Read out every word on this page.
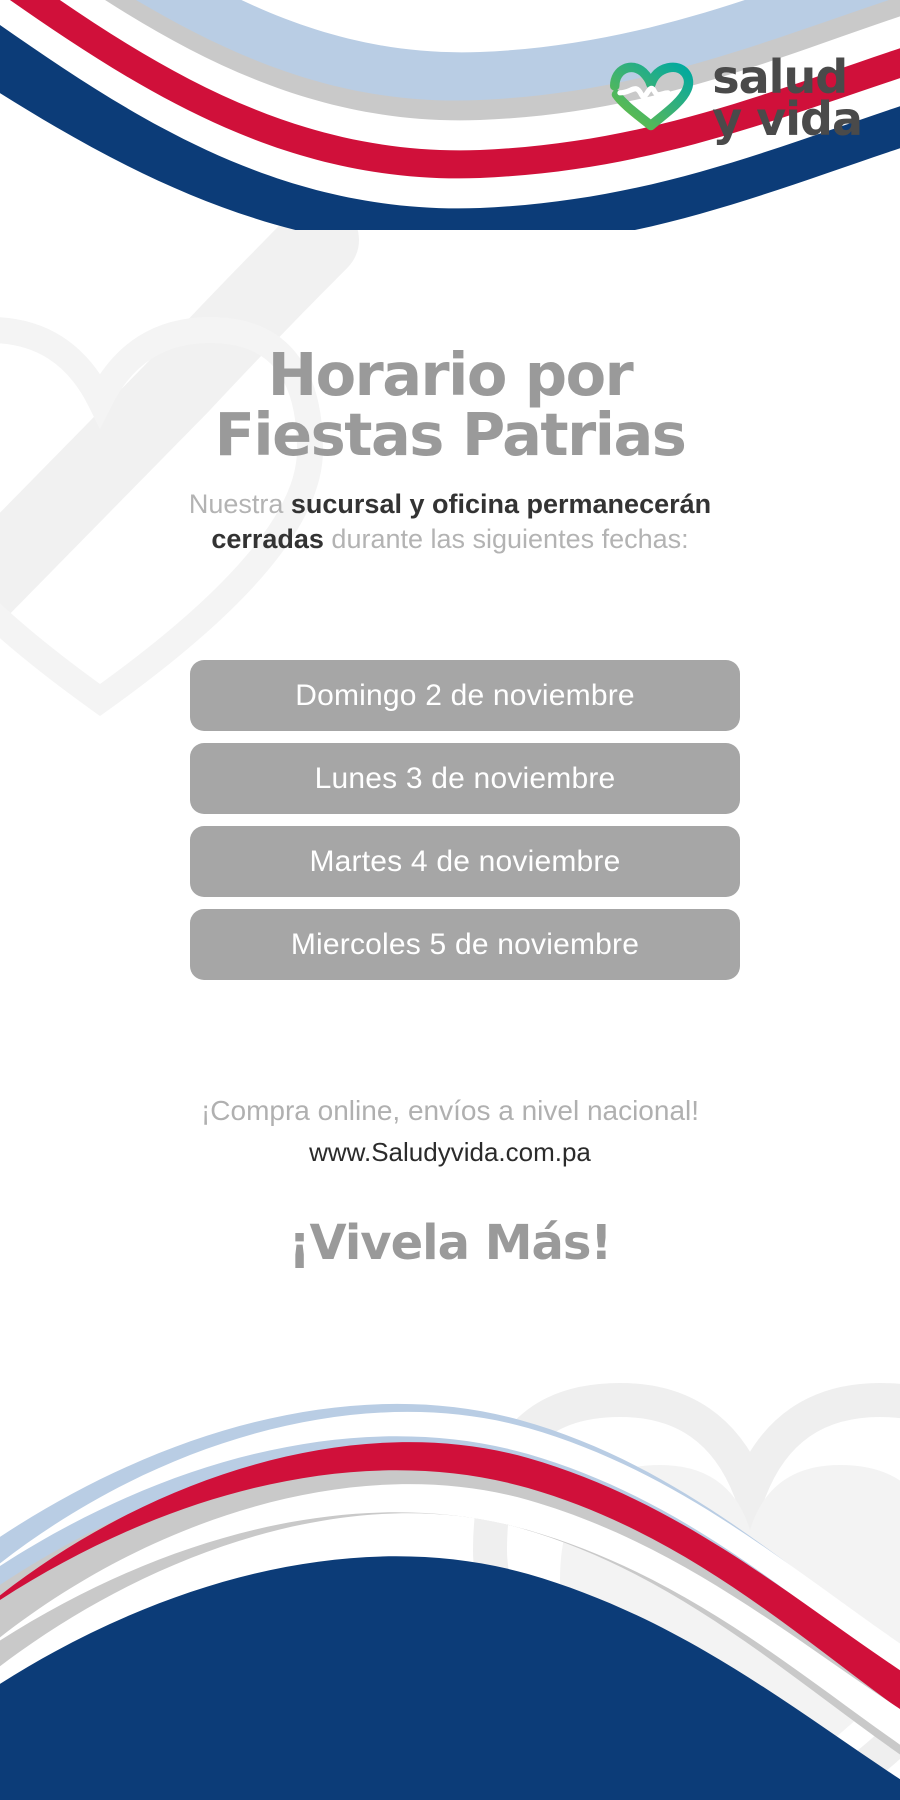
salud
y vida
Horario por
Fiestas Patrias
Nuestra sucursal y oficina permanecerán cerradas durante las siguientes fechas:
Domingo 2 de noviembre
Lunes 3 de noviembre
Martes 4 de noviembre
Miercoles 5 de noviembre
¡Compra online, envíos a nivel nacional!
www.Saludyvida.com.pa
¡Vivela Más!
